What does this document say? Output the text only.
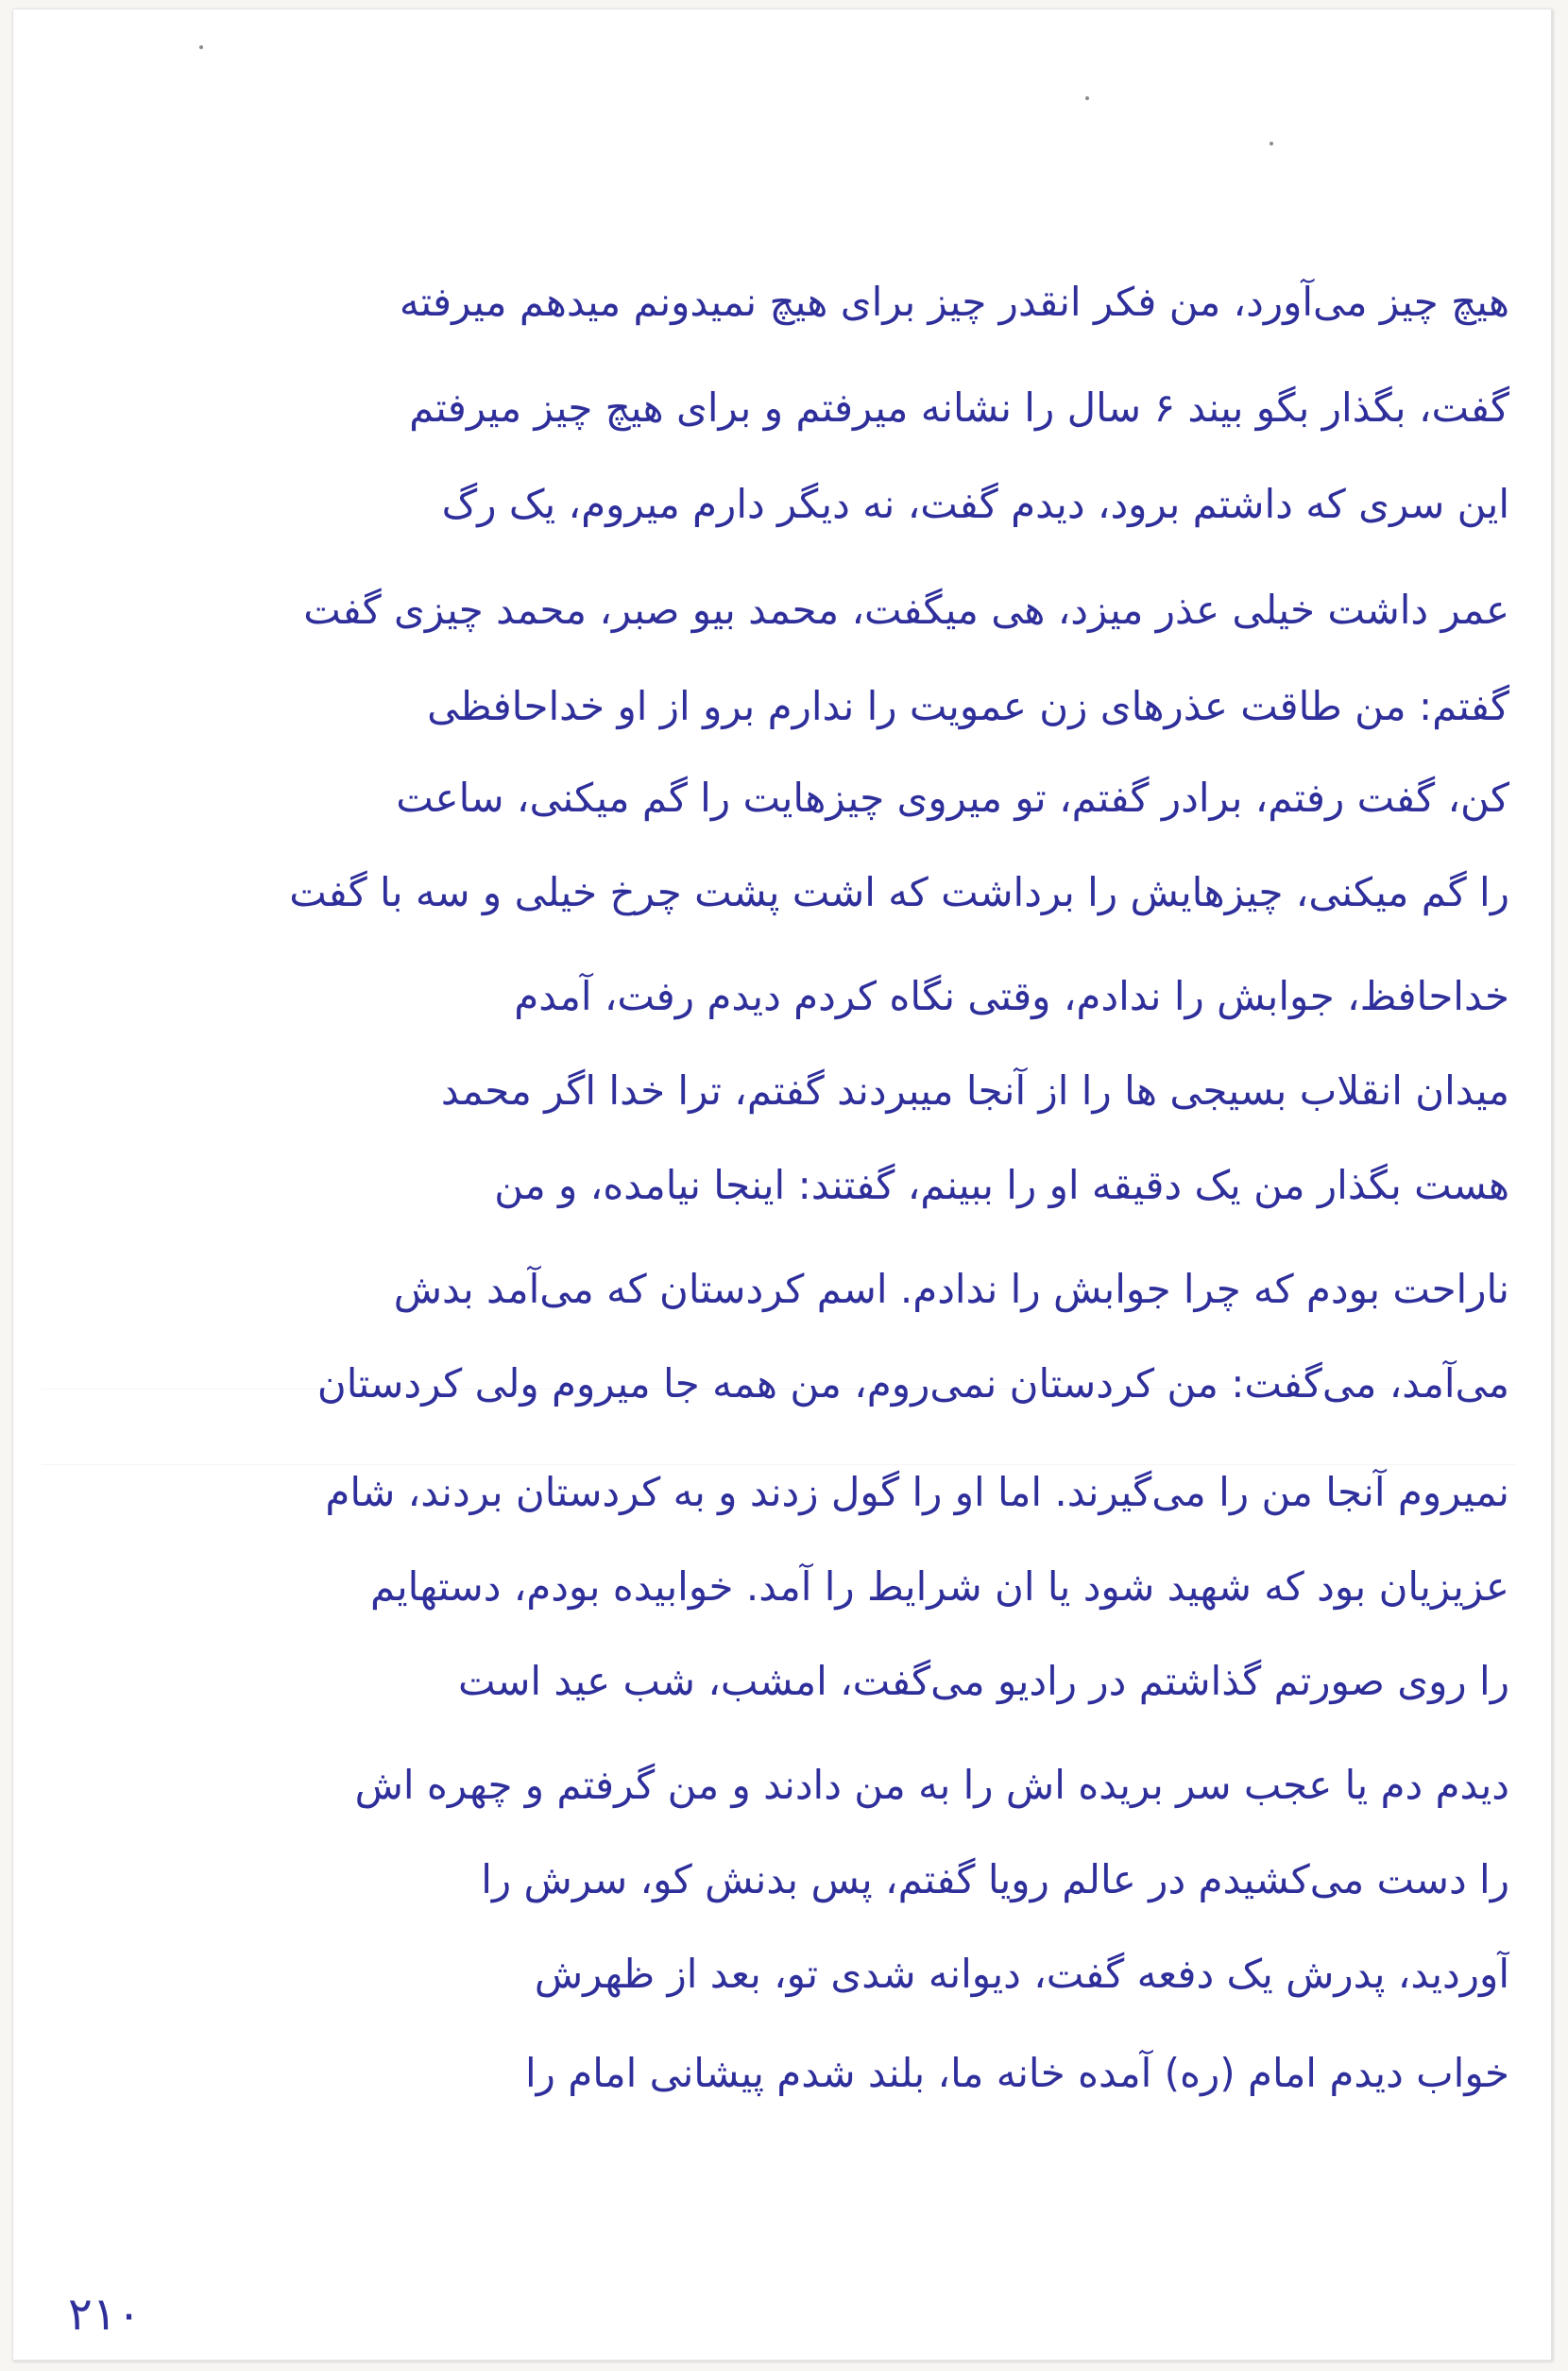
هیچ چیز می‌آورد، من فکر انقدر چیز برای هیچ نمیدونم میدهم میرفته
گفت، بگذار بگو بیند ۶ سال را نشانه میرفتم و برای هیچ چیز میرفتم
این سری که داشتم برود، دیدم گفت، نه دیگر دارم میروم، یک رگ
عمر داشت خیلی عذر میزد، هی میگفت، محمد بیو صبر، محمد چیزی گفت
گفتم: من طاقت عذرهای زن عمویت را ندارم برو از او خداحافظی
کن، گفت رفتم، برادر گفتم، تو میروی چیزهایت را گم میکنی، ساعت
را گم میکنی، چیزهایش را برداشت که اشت پشت چرخ خیلی و سه با گفت
خداحافظ، جوابش را ندادم، وقتی نگاه کردم دیدم رفت، آمدم
میدان انقلاب بسیجی ها را از آنجا میبردند گفتم، ترا خدا اگر محمد
هست بگذار من یک دقیقه او را ببینم، گفتند: اینجا نیامده، و من
ناراحت بودم که چرا جوابش را ندادم. اسم کردستان که می‌آمد بدش
می‌آمد، می‌گفت: من کردستان نمی‌روم، من همه جا میروم ولی کردستان
نمیروم آنجا من را می‌گیرند. اما او را گول زدند و به کردستان بردند، شام
عزیزیان بود که شهید شود یا ان شرایط را آمد. خوابیده بودم، دستهایم
را روی صورتم گذاشتم در رادیو می‌گفت، امشب، شب عید است
دیدم دم یا عجب سر بریده اش را به من دادند و من گرفتم و چهره اش
را دست می‌کشیدم در عالم رویا گفتم، پس بدنش کو، سرش را
آوردید، پدرش یک دفعه گفت، دیوانه شدی تو، بعد از ظهرش
خواب دیدم امام (ره) آمده خانه ما، بلند شدم پیشانی امام را
۲۱۰
